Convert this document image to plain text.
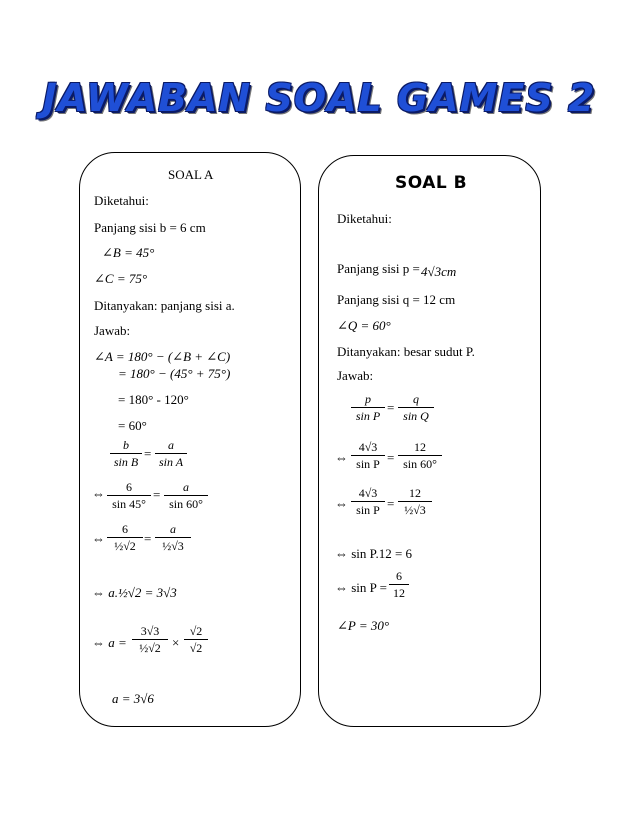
JAWABAN SOAL GAMES 2
SOAL A
Diketahui:
Panjang sisi b = 6 cm
∠B = 45°
∠C = 75°
Ditanyakan: panjang sisi a.
Jawab:
∠A = 180° − (∠B + ∠C)
= 180° − (45° + 75°)
= 180° - 120°
= 60°
b
sin B
=
a
sin A
⇔	6
sin 45°
=	a
sin 60°
⇔
6
½√2 =
a
½√3
⇔ a.½√2 = 3√3
⇔ a =
3√3
½√2 ×
√2
√2
a = 3√6
SOAL B
Diketahui:
Panjang sisi p = 4√3cm
Panjang sisi q = 12 cm
∠Q = 60°
Ditanyakan: besar sudut P.
Jawab:
p
sin P
=
q
sin Q
⇔
4√3
sin P =
12
sin 60°
⇔
4√3
sin P =
12
½√3
⇔ sin P.12 = 6
⇔ sin P =
6
12
∠P = 30°
